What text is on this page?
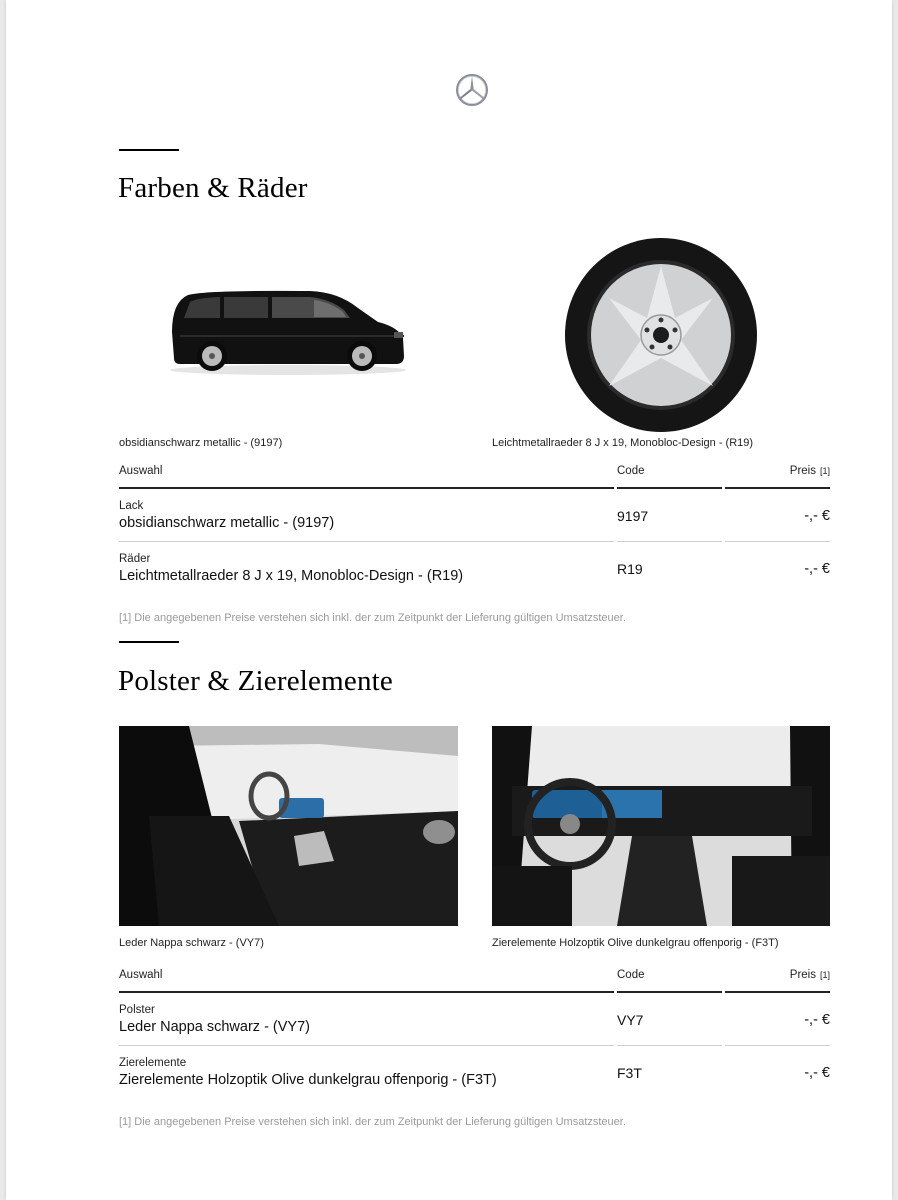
Farben & Räder
obsidianschwarz metallic - (9197)	Leichtmetallraeder 8 J x 19, Monobloc-Design - (R19)
Auswahl	Code	Preis [1]
Lack
obsidianschwarz metallic - (9197)	9197	-,- €
Räder
Leichtmetallraeder 8 J x 19, Monobloc-Design - (R19)	R19	-,- €
[1] Die angegebenen Preise verstehen sich inkl. der zum Zeitpunkt der Lieferung gültigen Umsatzsteuer.
Polster & Zierelemente
Leder Nappa schwarz - (VY7)	Zierelemente Holzoptik Olive dunkelgrau offenporig - (F3T)
Auswahl	Code	Preis [1]
Polster
Leder Nappa schwarz - (VY7)	VY7	-,- €
Zierelemente
Zierelemente Holzoptik Olive dunkelgrau offenporig - (F3T)	F3T	-,- €
[1] Die angegebenen Preise verstehen sich inkl. der zum Zeitpunkt der Lieferung gültigen Umsatzsteuer.
